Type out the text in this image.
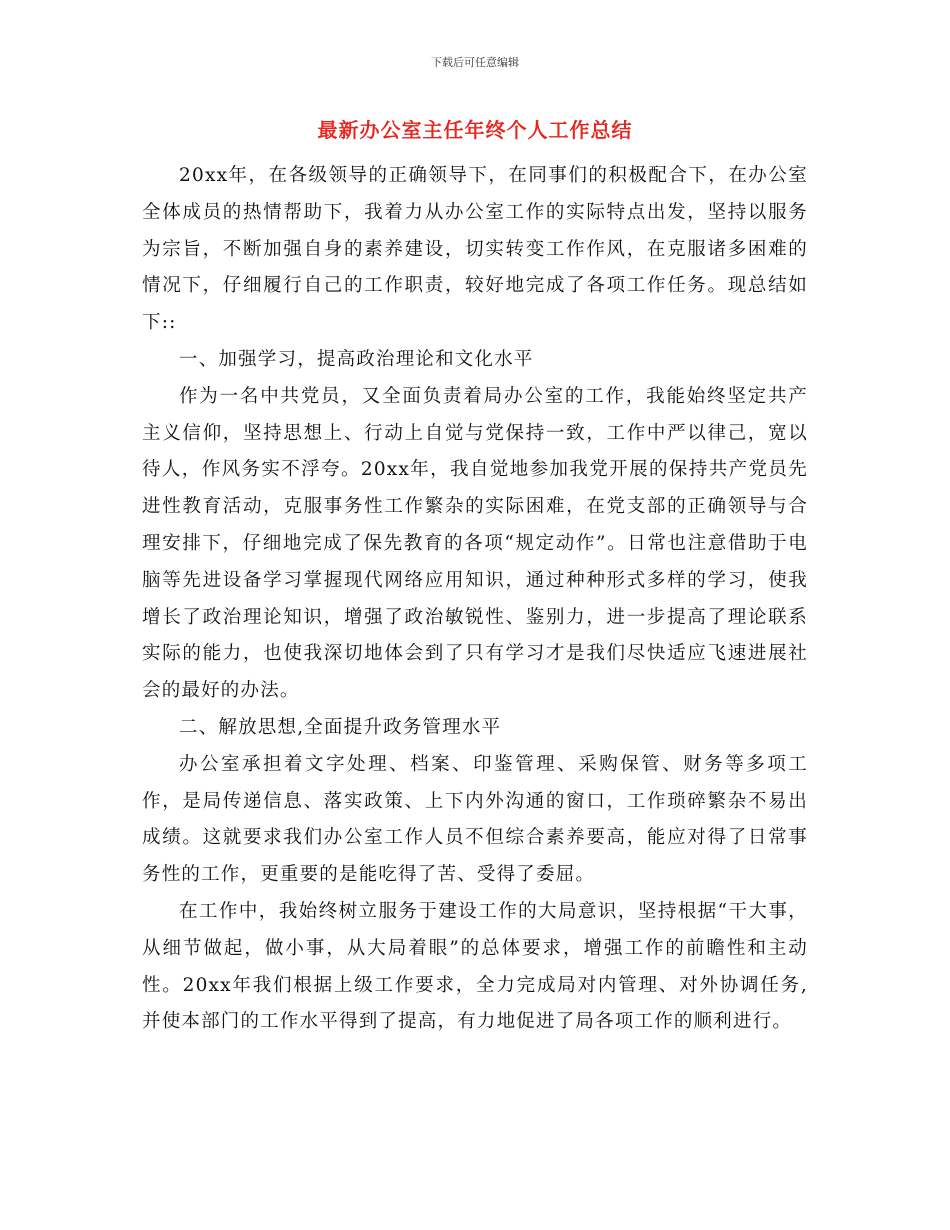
下载后可任意编辑
最新办公室主任年终个人工作总结

20xx年，在各级领导的正确领导下，在同事们的积极配合下，在办公室全体成员的热情帮助下，我着力从办公室工作的实际特点出发，坚持以服务为宗旨，不断加强自身的素养建设，切实转变工作作风，在克服诸多困难的情况下，仔细履行自己的工作职责，较好地完成了各项工作任务。现总结如下::

一、加强学习，提高政治理论和文化水平

作为一名中共党员，又全面负责着局办公室的工作，我能始终坚定共产主义信仰，坚持思想上、行动上自觉与党保持一致，工作中严以律己，宽以待人，作风务实不浮夸。20xx年，我自觉地参加我党开展的保持共产党员先进性教育活动，克服事务性工作繁杂的实际困难，在党支部的正确领导与合理安排下，仔细地完成了保先教育的各项“规定动作”。日常也注意借助于电脑等先进设备学习掌握现代网络应用知识，通过种种形式多样的学习，使我增长了政治理论知识，增强了政治敏锐性、鉴别力，进一步提高了理论联系实际的能力，也使我深切地体会到了只有学习才是我们尽快适应飞速进展社会的最好的办法。

二、解放思想,全面提升政务管理水平

办公室承担着文字处理、档案、印鉴管理、采购保管、财务等多项工作，是局传递信息、落实政策、上下内外沟通的窗口，工作琐碎繁杂不易出成绩。这就要求我们办公室工作人员不但综合素养要高，能应对得了日常事务性的工作，更重要的是能吃得了苦、受得了委屈。

在工作中，我始终树立服务于建设工作的大局意识，坚持根据“干大事，从细节做起，做小事，从大局着眼”的总体要求，增强工作的前瞻性和主动性。20xx年我们根据上级工作要求，全力完成局对内管理、对外协调任务,并使本部门的工作水平得到了提高，有力地促进了局各项工作的顺利进行。
